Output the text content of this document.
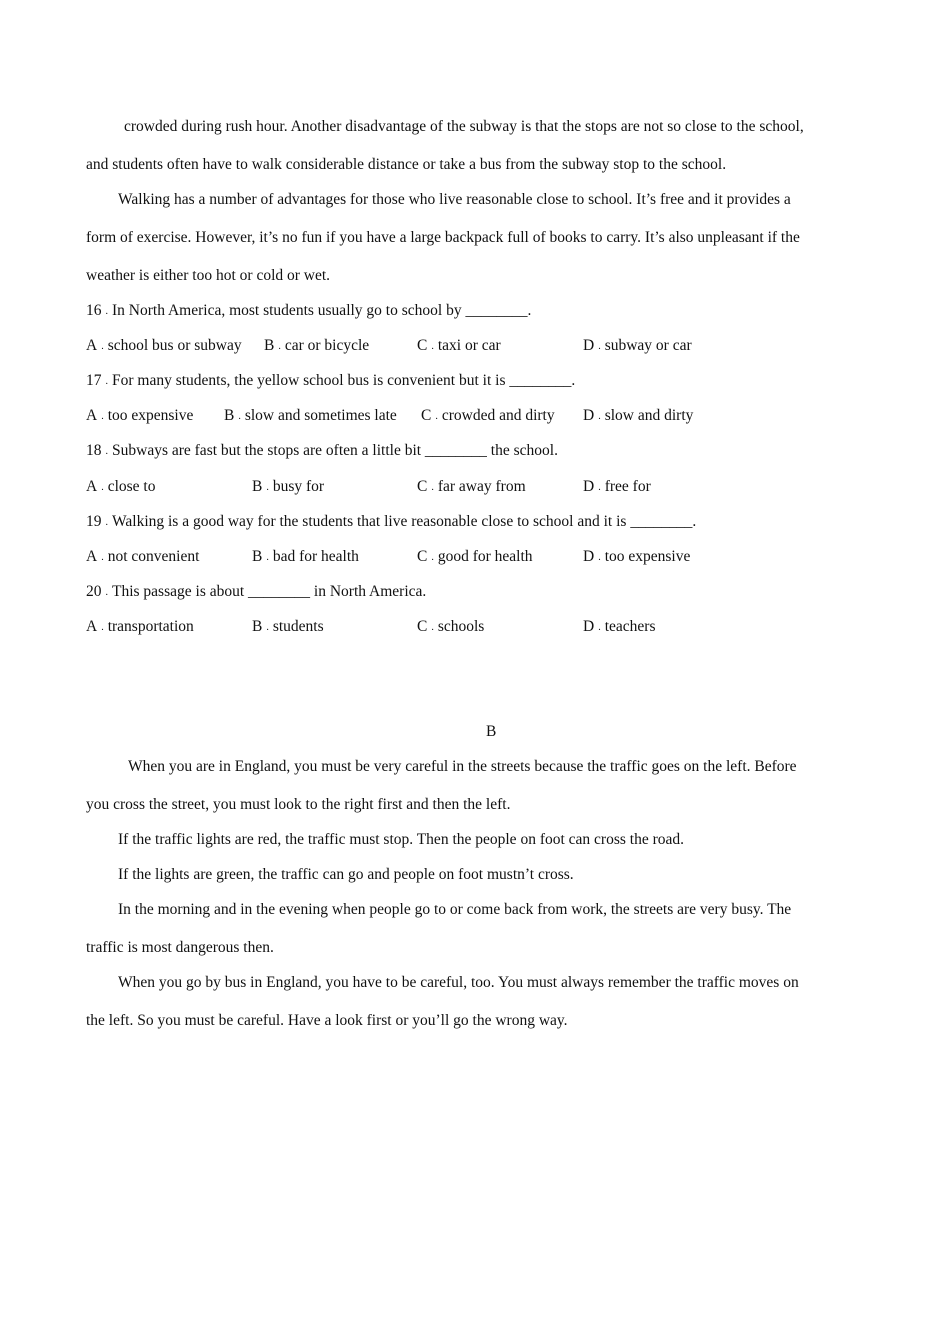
crowded during rush hour. Another disadvantage of the subway is that the stops are not so close to the school,
and students often have to walk considerable distance or take a bus from the subway stop to the school.
Walking has a number of advantages for those who live reasonable close to school. It’s free and it provides a
form of exercise. However, it’s no fun if you have a large backpack full of books to carry. It’s also unpleasant if the
weather is either too hot or cold or wet.
16 . In North America, most students usually go to school by ________.
A . school bus or subway B . car or bicycle	C . taxi or car	D . subway or car
17 . For many students, the yellow school bus is convenient but it is ________.
A . too expensive B . slow and sometimes late C . crowded and dirty D . slow and dirty
18 . Subways are fast but the stops are often a little bit ________ the school.
A . close to	B . busy for	C . far away from	D . free for
19 . Walking is a good way for the students that live reasonable close to school and it is ________.
A . not convenient	B . bad for health	C . good for health	D . too expensive
20 . This passage is about ________ in North America.
A . transportation	B . students	C . schools	D . teachers
B
When you are in England, you must be very careful in the streets because the traffic goes on the left. Before
you cross the street, you must look to the right first and then the left.
If the traffic lights are red, the traffic must stop. Then the people on foot can cross the road.
If the lights are green, the traffic can go and people on foot mustn’t cross.
In the morning and in the evening when people go to or come back from work, the streets are very busy. The
traffic is most dangerous then.
When you go by bus in England, you have to be careful, too. You must always remember the traffic moves on
the left. So you must be careful. Have a look first or you’ll go the wrong way.
